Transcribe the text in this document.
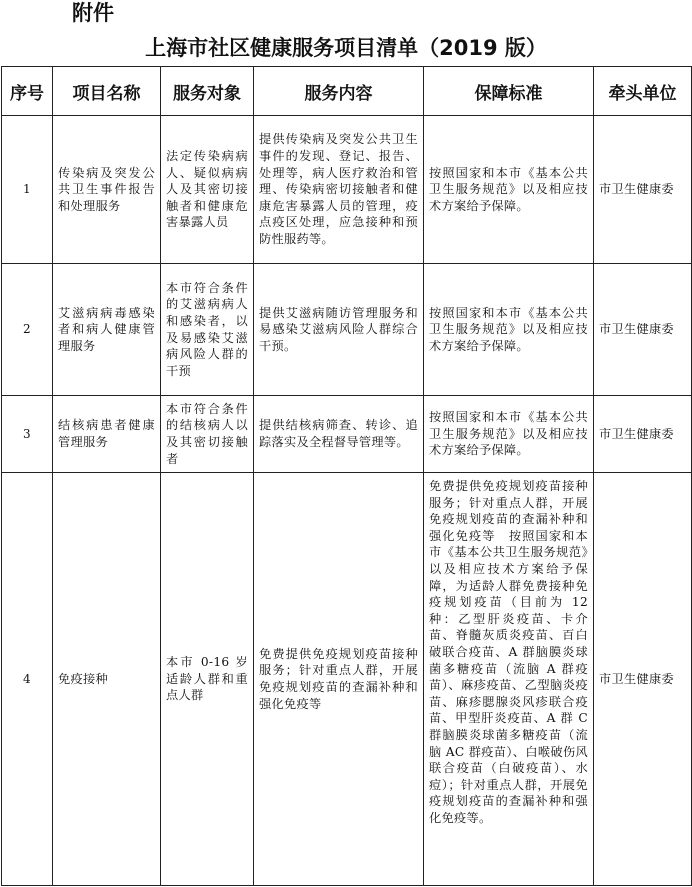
附件
上海市社区健康服务项目清单（2019 版）
序号	项目名称	服务对象	服务内容	保障标准	牵头单位
1	传染病及突发公共卫生事件报告和处理服务	法定传染病病人、疑似病病人及其密切接触者和健康危害暴露人员	提供传染病及突发公共卫生事件的发现、登记、报告、处理等，病人医疗救治和管理、传染病密切接触者和健康危害暴露人员的管理，疫点疫区处理，应急接种和预防性服药等。	按照国家和本市《基本公共卫生服务规范》以及相应技术方案给予保障。	市卫生健康委
2	艾滋病病毒感染者和病人健康管理服务	本市符合条件的艾滋病病人和感染者，以及易感染艾滋病风险人群的干预	提供艾滋病随访管理服务和易感染艾滋病风险人群综合干预。	按照国家和本市《基本公共卫生服务规范》以及相应技术方案给予保障。	市卫生健康委
3	结核病患者健康管理服务	本市符合条件的结核病人以及其密切接触者	提供结核病筛查、转诊、追踪落实及全程督导管理等。	按照国家和本市《基本公共卫生服务规范》以及相应技术方案给予保障。	市卫生健康委
4	免疫接种	本市 0-16 岁适龄人群和重点人群	免费提供免疫规划疫苗接种服务；针对重点人群，开展免疫规划疫苗的查漏补种和强化免疫等	免费提供免疫规划疫苗接种服务；针对重点人群，开展免疫规划疫苗的查漏补种和强化免疫等　按照国家和本市《基本公共卫生服务规范》以及相应技术方案给予保障，为适龄人群免费接种免疫规划疫苗（目前为 12 种：乙型肝炎疫苗、卡介苗、脊髓灰质炎疫苗、百白破联合疫苗、A 群脑膜炎球菌多糖疫苗（流脑 A 群疫苗）、麻疹疫苗、乙型脑炎疫苗、麻疹腮腺炎风疹联合疫苗、甲型肝炎疫苗、A 群 C 群脑膜炎球菌多糖疫苗（流脑 AC 群疫苗）、白喉破伤风联合疫苗（白破疫苗）、水痘）；针对重点人群，开展免疫规划疫苗的查漏补种和强化免疫等。	市卫生健康委
